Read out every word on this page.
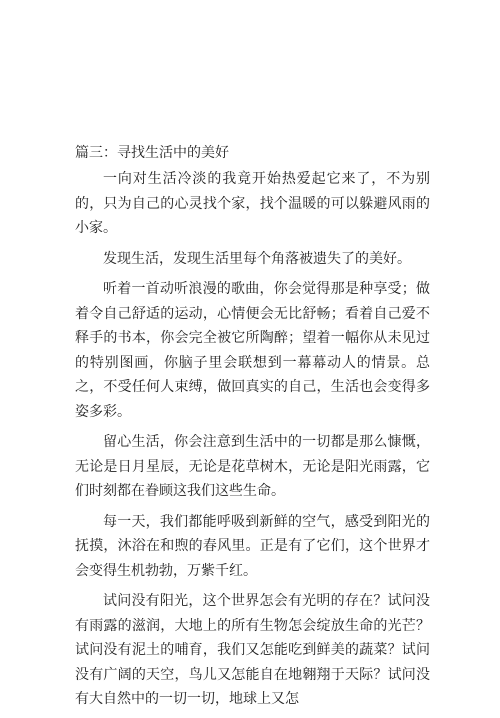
篇三：寻找生活中的美好

一向对生活冷淡的我竟开始热爱起它来了，不为别的，只为自己的心灵找个家，找个温暖的可以躲避风雨的小家。

发现生活，发现生活里每个角落被遗失了的美好。

听着一首动听浪漫的歌曲，你会觉得那是种享受；做着令自己舒适的运动，心情便会无比舒畅；看着自己爱不释手的书本，你会完全被它所陶醉；望着一幅你从未见过的特别图画，你脑子里会联想到一幕幕动人的情景。总之，不受任何人束缚，做回真实的自己，生活也会变得多姿多彩。

留心生活，你会注意到生活中的一切都是那么慷慨，无论是日月星辰，无论是花草树木，无论是阳光雨露，它们时刻都在眷顾这我们这些生命。

每一天，我们都能呼吸到新鲜的空气，感受到阳光的抚摸，沐浴在和煦的春风里。正是有了它们，这个世界才会变得生机勃勃，万紫千红。

试问没有阳光，这个世界怎会有光明的存在？试问没有雨露的滋润，大地上的所有生物怎会绽放生命的光芒？试问没有泥土的哺育，我们又怎能吃到鲜美的蔬菜？试问没有广阔的天空，鸟儿又怎能自在地翱翔于天际？试问没有大自然中的一切一切，地球上又怎
